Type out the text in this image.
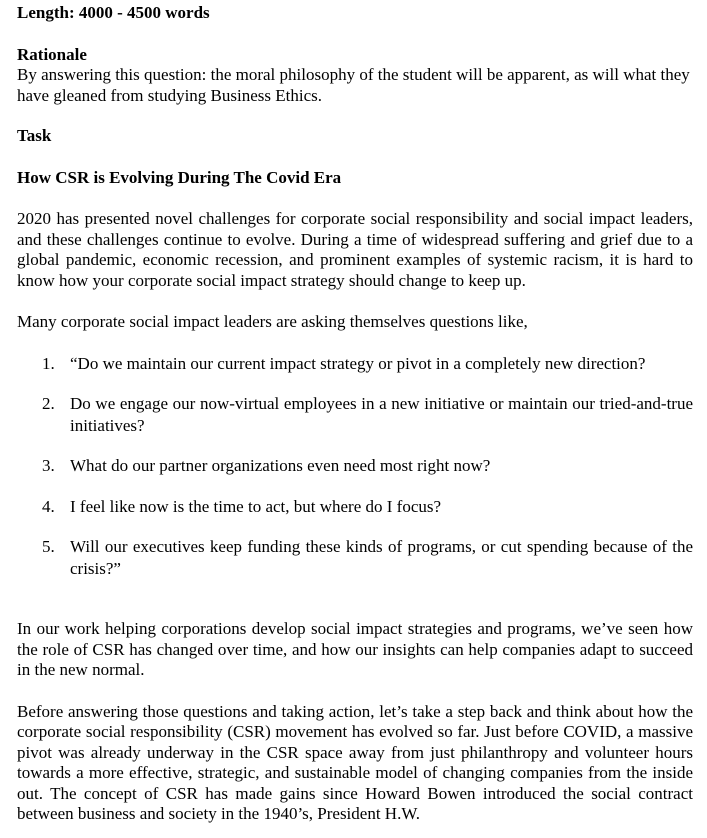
Length: 4000 - 4500 words

Rationale

By answering this question: the moral philosophy of the student will be apparent, as will what they have gleaned from studying Business Ethics.

Task

How CSR is Evolving During The Covid Era

2020 has presented novel challenges for corporate social responsibility and social impact leaders, and these challenges continue to evolve. During a time of widespread suffering and grief due to a global pandemic, economic recession, and prominent examples of systemic racism, it is hard to know how your corporate social impact strategy should change to keep up.

Many corporate social impact leaders are asking themselves questions like,

1. “Do we maintain our current impact strategy or pivot in a completely new direction?
2. Do we engage our now-virtual employees in a new initiative or maintain our tried-and-true initiatives?
3. What do our partner organizations even need most right now?
4. I feel like now is the time to act, but where do I focus?
5. Will our executives keep funding these kinds of programs, or cut spending because of the crisis?”

In our work helping corporations develop social impact strategies and programs, we’ve seen how the role of CSR has changed over time, and how our insights can help companies adapt to succeed in the new normal.

Before answering those questions and taking action, let’s take a step back and think about how the corporate social responsibility (CSR) movement has evolved so far. Just before COVID, a massive pivot was already underway in the CSR space away from just philanthropy and volunteer hours towards a more effective, strategic, and sustainable model of changing companies from the inside out. The concept of CSR has made gains since Howard Bowen introduced the social contract between business and society in the 1940’s, President H.W.
